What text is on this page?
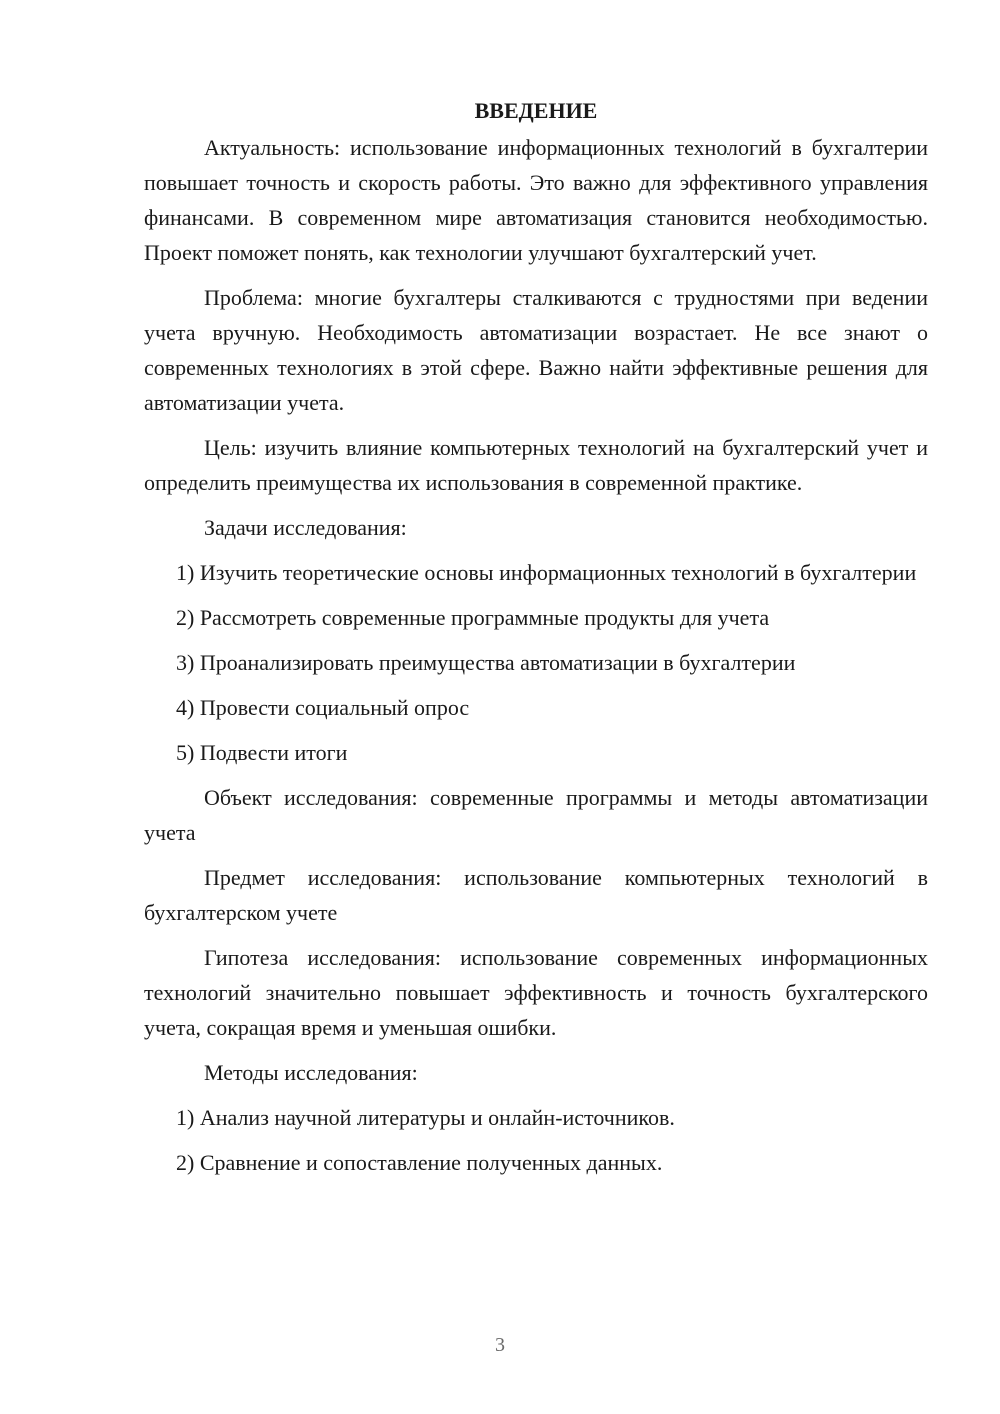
ВВЕДЕНИЕ

Актуальность: использование информационных технологий в бухгалтерии повышает точность и скорость работы. Это важно для эффективного управления финансами. В современном мире автоматизация становится необходимостью. Проект поможет понять, как технологии улучшают бухгалтерский учет.

Проблема: многие бухгалтеры сталкиваются с трудностями при ведении учета вручную. Необходимость автоматизации возрастает. Не все знают о современных технологиях в этой сфере. Важно найти эффективные решения для автоматизации учета.

Цель: изучить влияние компьютерных технологий на бухгалтерский учет и определить преимущества их использования в современной практике.

Задачи исследования:

1) Изучить теоретические основы информационных технологий в бухгалтерии

2) Рассмотреть современные программные продукты для учета

3) Проанализировать преимущества автоматизации в бухгалтерии

4) Провести социальный опрос

5) Подвести итоги

Объект исследования: современные программы и методы автоматизации учета

Предмет исследования: использование компьютерных технологий в бухгалтерском учете

Гипотеза исследования: использование современных информационных технологий значительно повышает эффективность и точность бухгалтерского учета, сокращая время и уменьшая ошибки.

Методы исследования:

1) Анализ научной литературы и онлайн-источников.

2) Сравнение и сопоставление полученных данных.

3
